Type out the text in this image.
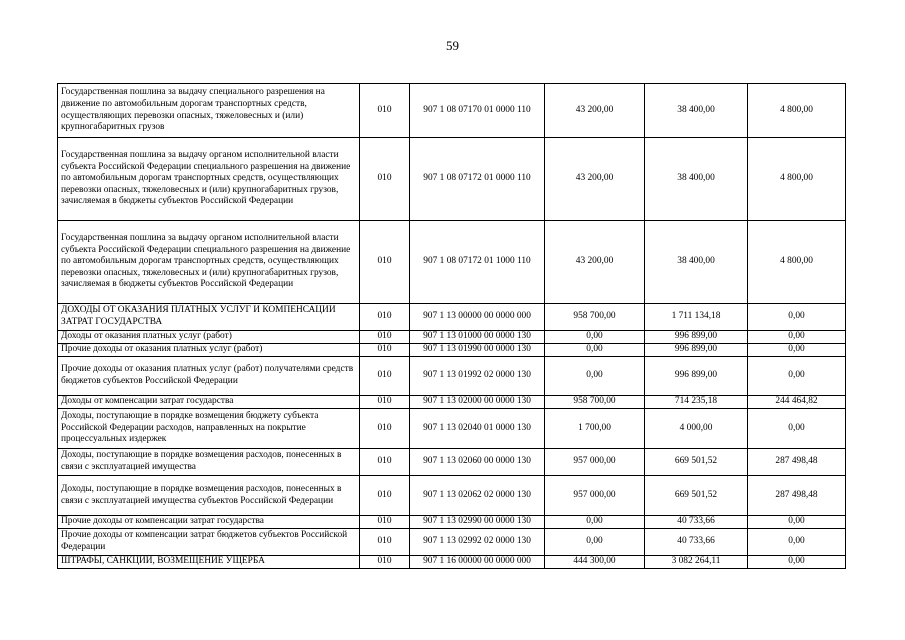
59
Государственная пошлина за выдачу специального разрешения на движение по автомобильным дорогам транспортных средств, осуществляющих перевозки опасных, тяжеловесных и (или) крупногабаритных грузов	010	907 1 08 07170 01 0000 110	43 200,00	38 400,00	4 800,00
Государственная пошлина за выдачу органом исполнительной власти субъекта Российской Федерации специального разрешения на движение по автомобильным дорогам транспортных средств, осуществляющих перевозки опасных, тяжеловесных и (или) крупногабаритных грузов, зачисляемая в бюджеты субъектов Российской Федерации	010	907 1 08 07172 01 0000 110	43 200,00	38 400,00	4 800,00
Государственная пошлина за выдачу органом исполнительной власти субъекта Российской Федерации специального разрешения на движение по автомобильным дорогам транспортных средств, осуществляющих перевозки опасных, тяжеловесных и (или) крупногабаритных грузов, зачисляемая в бюджеты субъектов Российской Федерации	010	907 1 08 07172 01 1000 110	43 200,00	38 400,00	4 800,00
ДОХОДЫ ОТ ОКАЗАНИЯ ПЛАТНЫХ УСЛУГ И КОМПЕНСАЦИИ ЗАТРАТ ГОСУДАРСТВА	010	907 1 13 00000 00 0000 000	958 700,00	1 711 134,18	0,00
Доходы от оказания платных услуг (работ)	010	907 1 13 01000 00 0000 130	0,00	996 899,00	0,00
Прочие доходы от оказания платных услуг (работ)	010	907 1 13 01990 00 0000 130	0,00	996 899,00	0,00
Прочие доходы от оказания платных услуг (работ) получателями средств бюджетов субъектов Российской Федерации	010	907 1 13 01992 02 0000 130	0,00	996 899,00	0,00
Доходы от компенсации затрат государства	010	907 1 13 02000 00 0000 130	958 700,00	714 235,18	244 464,82
Доходы, поступающие в порядке возмещения бюджету субъекта Российской Федерации расходов, направленных на покрытие процессуальных издержек	010	907 1 13 02040 01 0000 130	1 700,00	4 000,00	0,00
Доходы, поступающие в порядке возмещения расходов, понесенных в связи с эксплуатацией имущества	010	907 1 13 02060 00 0000 130	957 000,00	669 501,52	287 498,48
Доходы, поступающие в порядке возмещения расходов, понесенных в связи с эксплуатацией имущества субъектов Российской Федерации	010	907 1 13 02062 02 0000 130	957 000,00	669 501,52	287 498,48
Прочие доходы от компенсации затрат государства	010	907 1 13 02990 00 0000 130	0,00	40 733,66	0,00
Прочие доходы от компенсации затрат бюджетов субъектов Российской Федерации	010	907 1 13 02992 02 0000 130	0,00	40 733,66	0,00
ШТРАФЫ, САНКЦИИ, ВОЗМЕЩЕНИЕ УЩЕРБА	010	907 1 16 00000 00 0000 000	444 300,00	3 082 264,11	0,00
